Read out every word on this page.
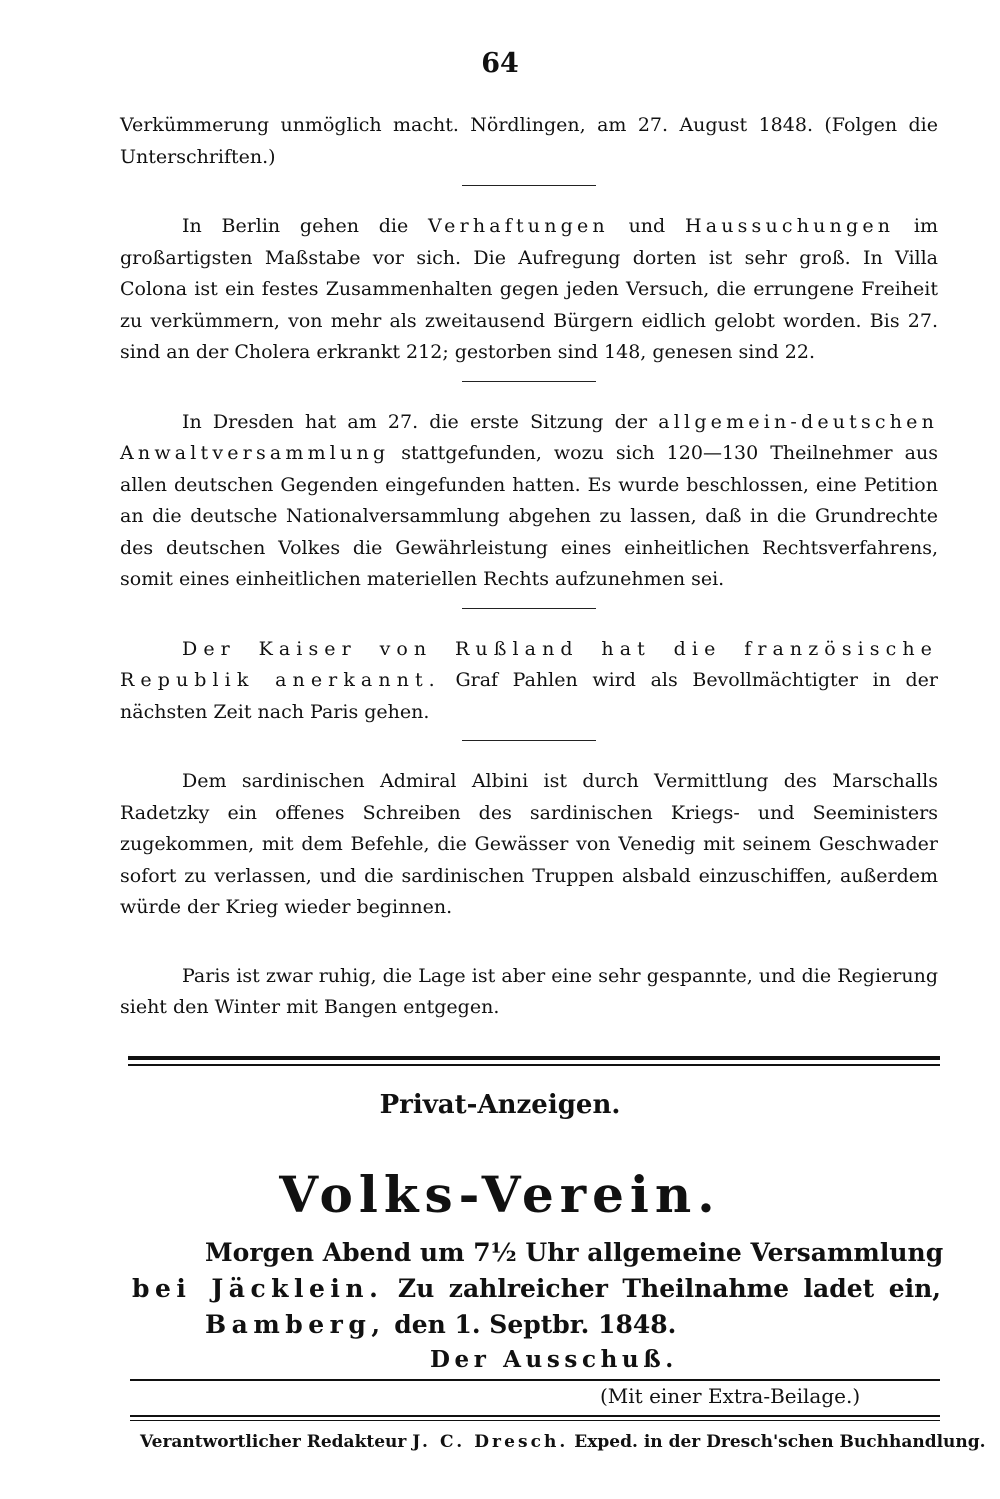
64

Verkümmerung unmöglich macht. Nördlingen, am 27. August 1848. (Folgen die Unterschriften.)

In Berlin gehen die Verhaftungen und Haussuchungen im großartigsten Maßstabe vor sich. Die Aufregung dorten ist sehr groß. In Villa Colona ist ein festes Zusammenhalten gegen jeden Versuch, die errungene Freiheit zu verkümmern, von mehr als zweitausend Bürgern eidlich gelobt worden. Bis 27. sind an der Cholera erkrankt 212; gestorben sind 148, genesen sind 22.

In Dresden hat am 27. die erste Sitzung der allgemein-deutschen Anwaltversammlung stattgefunden, wozu sich 120—130 Theilnehmer aus allen deutschen Gegenden eingefunden hatten. Es wurde beschlossen, eine Petition an die deutsche Nationalversammlung abgehen zu lassen, daß in die Grundrechte des deutschen Volkes die Gewährleistung eines einheitlichen Rechtsverfahrens, somit eines einheitlichen materiellen Rechts aufzunehmen sei.

Der Kaiser von Rußland hat die französische Republik anerkannt. Graf Pahlen wird als Bevollmächtigter in der nächsten Zeit nach Paris gehen.

Dem sardinischen Admiral Albini ist durch Vermittlung des Marschalls Radetzky ein offenes Schreiben des sardinischen Kriegs- und Seeministers zugekommen, mit dem Befehle, die Gewässer von Venedig mit seinem Geschwader sofort zu verlassen, und die sardinischen Truppen alsbald einzuschiffen, außerdem würde der Krieg wieder beginnen.

Paris ist zwar ruhig, die Lage ist aber eine sehr gespannte, und die Regierung sieht den Winter mit Bangen entgegen.

Privat-Anzeigen.
Volks-Verein.
Morgen Abend um 7½ Uhr allgemeine Versammlung
bei Jäcklein. Zu zahlreicher Theilnahme ladet ein,
Bamberg, den 1. Septbr. 1848.
Der Ausschuß.
(Mit einer Extra-Beilage.)
Verantwortlicher Redakteur J. C. Dresch. Exped. in der Dresch'schen Buchhandlung.
